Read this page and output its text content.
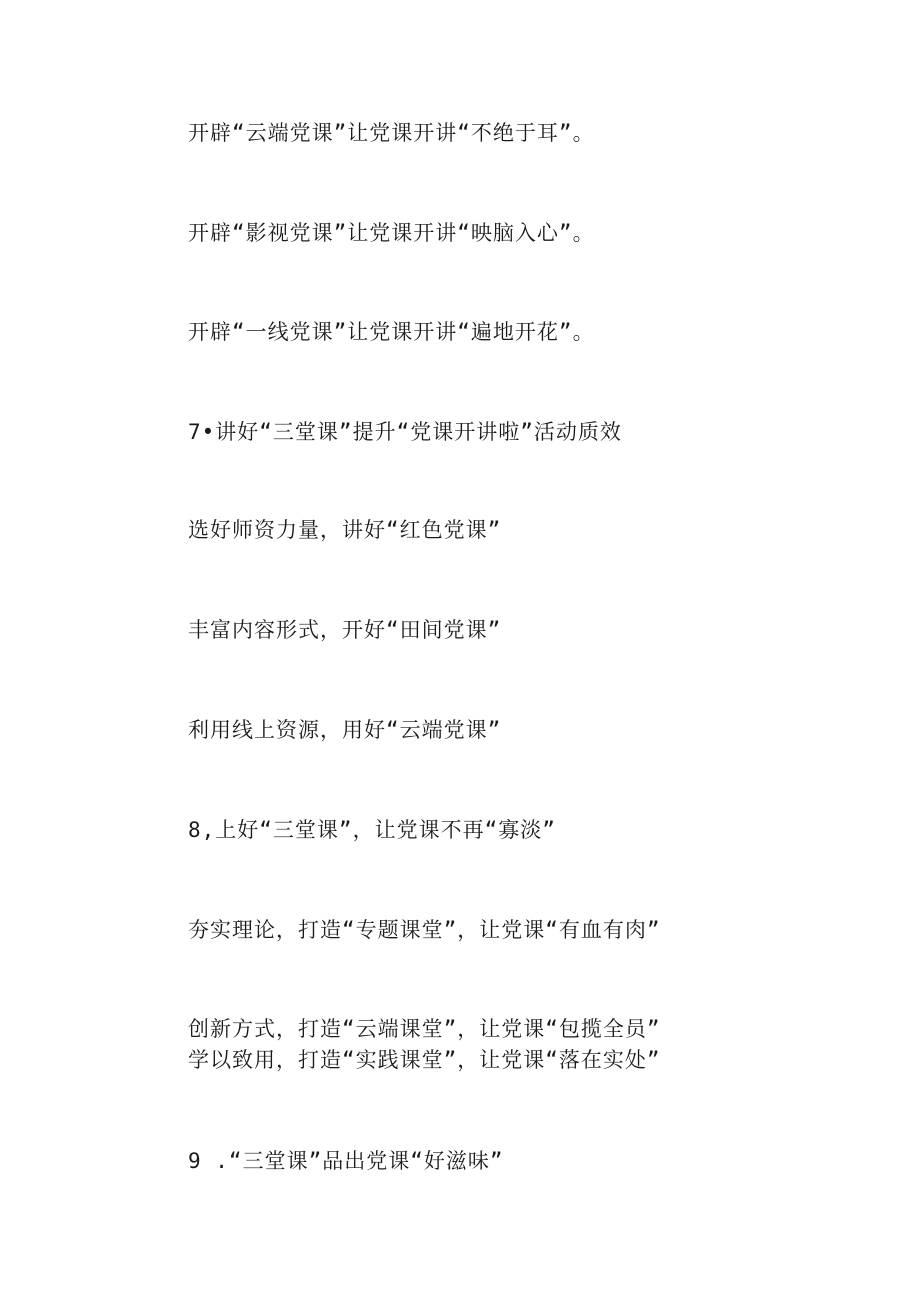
开辟“云端党课”让党课开讲“不绝于耳”。
开辟“影视党课”让党课开讲“映脑入心”。
开辟“一线党课”让党课开讲“遍地开花”。
7•讲好“三堂课”提升“党课开讲啦”活动质效
选好师资力量，讲好“红色党课”
丰富内容形式，开好“田间党课”
利用线上资源，用好“云端党课”
8,上好“三堂课”，让党课不再“寡淡”
夯实理论，打造“专题课堂”，让党课“有血有肉”
创新方式，打造“云端课堂”，让党课“包揽全员”
学以致用，打造“实践课堂”，让党课“落在实处”
9 .“三堂课”品出党课“好滋味”
